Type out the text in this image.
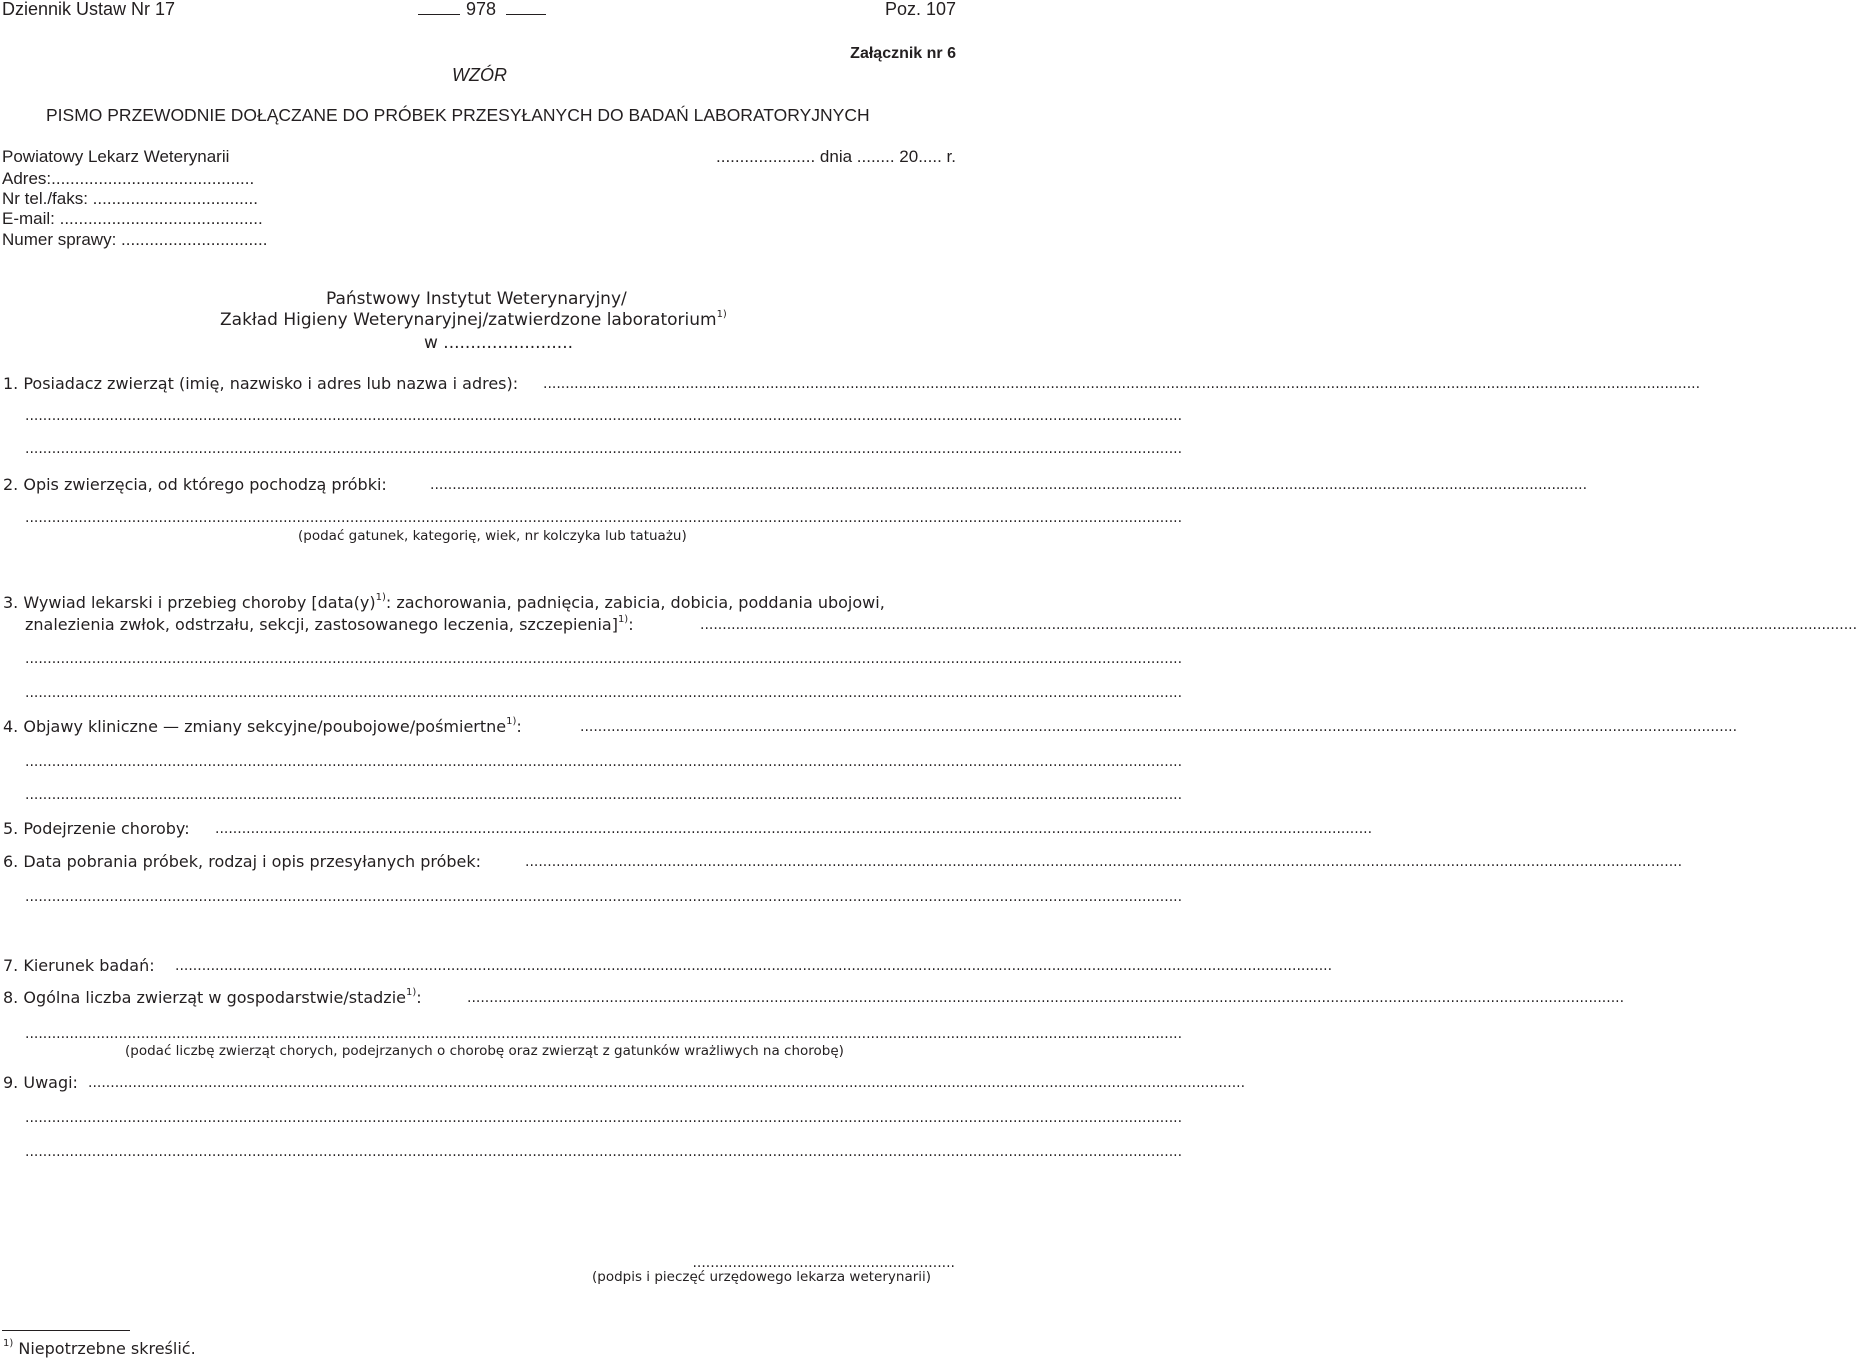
Dziennik Ustaw Nr 17	978	Poz. 107
Załącznik nr 6
WZÓR
PISMO PRZEWODNIE DOŁĄCZANE DO PRÓBEK PRZESYŁANYCH DO BADAŃ LABORATORYJNYCH
Powiatowy Lekarz Weterynarii
Adres:...........................................
Nr tel./faks: ...................................
E-mail: ...........................................
Numer sprawy: ...............................
..................... dnia ........ 20..... r.
Państwowy Instytut Weterynaryjny/
Zakład Higieny Weterynaryjnej/zatwierdzone laboratorium$^{1)}$
w ........................
1. Posiadacz zwierząt (imię, nazwisko i adres lub nazwa i adres): ....................................................................................................................................................................................................................................................................
....................................................................................................................................................................................................................................................................
....................................................................................................................................................................................................................................................................
2. Opis zwierzęcia, od którego pochodzą próbki:	....................................................................................................................................................................................................................................................................
....................................................................................................................................................................................................................................................................
(podać gatunek, kategorię, wiek, nr kolczyka lub tatuażu)
3. Wywiad lekarski i przebieg choroby [$data(y)^{1)}$: zachorowania, padnięcia, zabicia, dobicia, poddania ubojowi,
znalezienia zwłok, odstrzału, sekcji, zastosowanego leczenia, szczepienia]$^{1)}$:	....................................................................................................................................................................................................................................................................
....................................................................................................................................................................................................................................................................
....................................................................................................................................................................................................................................................................
4. Objawy kliniczne — zmiany sekcyjne/poubojowe/pośmiertne$^{1)}$:	....................................................................................................................................................................................................................................................................
....................................................................................................................................................................................................................................................................
....................................................................................................................................................................................................................................................................
5. Podejrzenie choroby: ....................................................................................................................................................................................................................................................................
6. Data pobrania próbek, rodzaj i opis przesyłanych próbek:	....................................................................................................................................................................................................................................................................
....................................................................................................................................................................................................................................................................
7. Kierunek badań: ....................................................................................................................................................................................................................................................................
8. Ogólna liczba zwierząt w gospodarstwie/stadzie$^{1)}$:	....................................................................................................................................................................................................................................................................
....................................................................................................................................................................................................................................................................
(podać liczbę zwierząt chorych, podejrzanych o chorobę oraz zwierząt z gatunków wrażliwych na chorobę)
9. Uwagi: ....................................................................................................................................................................................................................................................................
....................................................................................................................................................................................................................................................................
....................................................................................................................................................................................................................................................................
...........................................................
(podpis i pieczęć urzędowego lekarza weterynarii)
$^{1)}$ Niepotrzebne skreślić.
